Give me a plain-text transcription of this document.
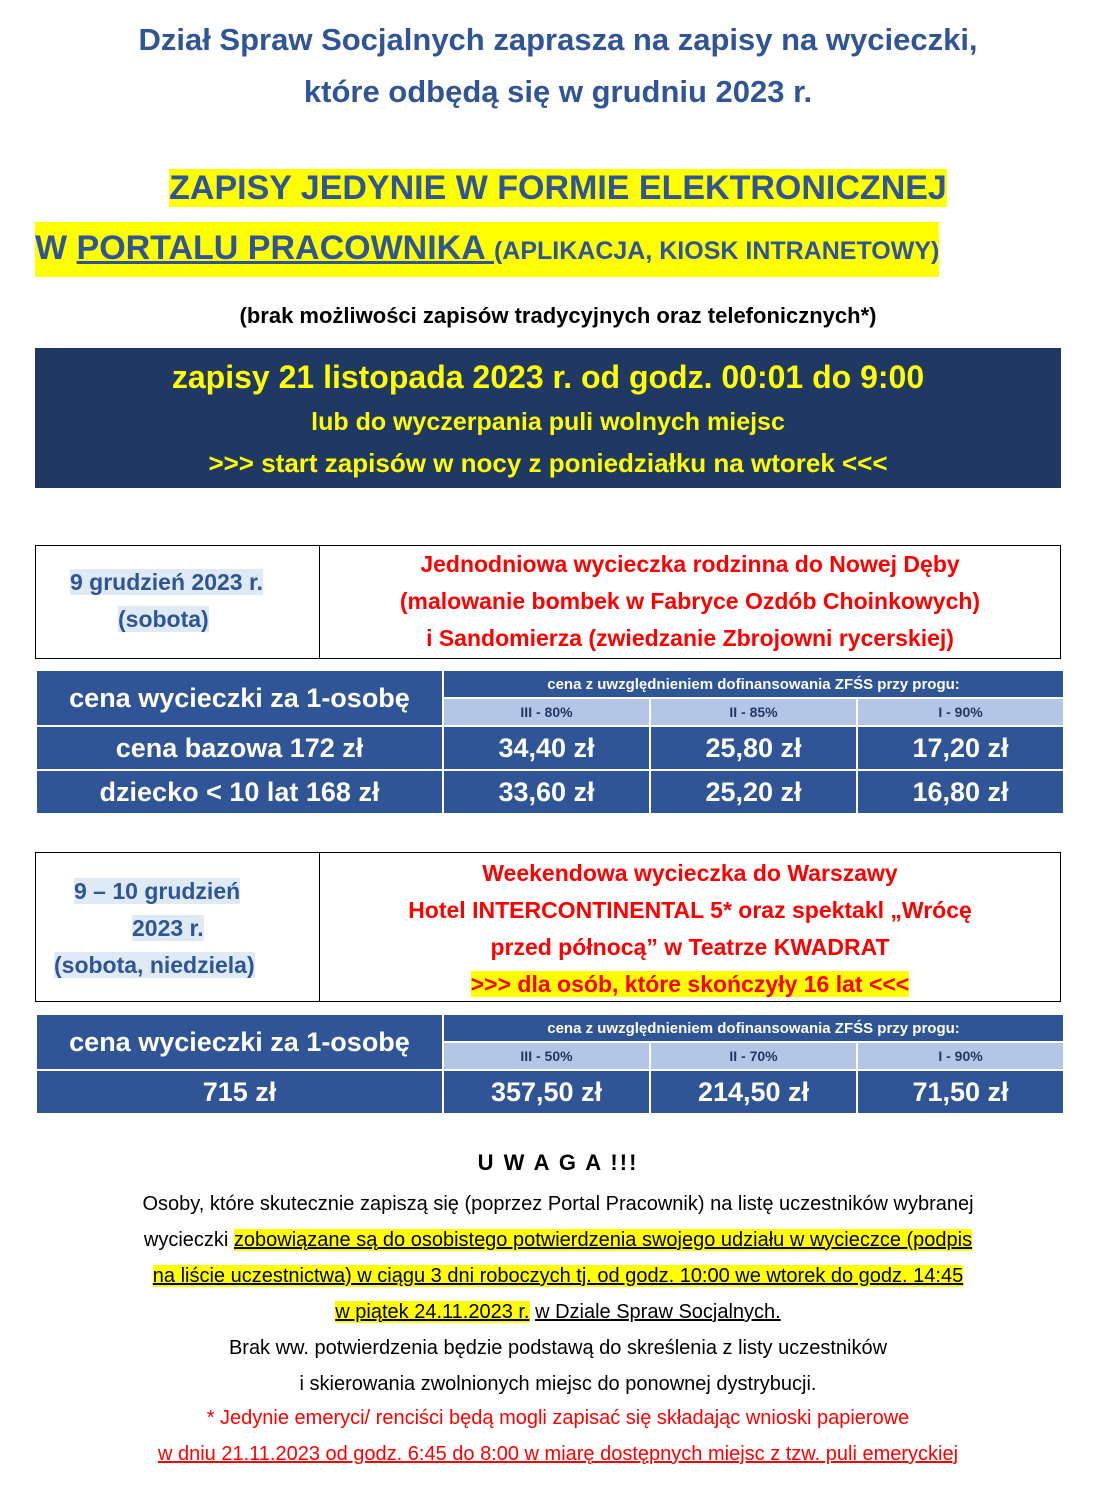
Dział Spraw Socjalnych zaprasza na zapisy na wycieczki,
które odbędą się w grudniu 2023 r.
ZAPISY JEDYNIE W FORMIE ELEKTRONICZNEJ
W PORTALU PRACOWNIKA (APLIKACJA, KIOSK INTRANETOWY)
(brak możliwości zapisów tradycyjnych oraz telefonicznych*)
zapisy 21 listopada 2023 r. od godz. 00:01 do 9:00
lub do wyczerpania puli wolnych miejsc
>>> start zapisów w nocy z poniedziałku na wtorek <<<
9 grudzień 2023 r.
(sobota)
Jednodniowa wycieczka rodzinna do Nowej Dęby
(malowanie bombek w Fabryce Ozdób Choinkowych)
i Sandomierza (zwiedzanie Zbrojowni rycerskiej)
cena wycieczki za 1-osobę	cena z uwzględnieniem dofinansowania ZFŚS przy progu:		
	III - 80%	II - 85%	I - 90%
cena bazowa 172 zł	34,40 zł	25,80 zł	17,20 zł
dziecko < 10 lat 168 zł	33,60 zł	25,20 zł	16,80 zł
9 – 10 grudzień
2023 r.
(sobota, niedziela)
Weekendowa wycieczka do Warszawy
Hotel INTERCONTINENTAL 5* oraz spektakl „Wrócę
przed północą” w Teatrze KWADRAT
>>> dla osób, które skończyły 16 lat <<<
cena wycieczki za 1-osobę	cena z uwzględnieniem dofinansowania ZFŚS przy progu:		
	III - 50%	II - 70%	I - 90%
715 zł	357,50 zł	214,50 zł	71,50 zł
U W A G A !!!
Osoby, które skutecznie zapiszą się (poprzez Portal Pracownik) na listę uczestników wybranej
wycieczki zobowiązane są do osobistego potwierdzenia swojego udziału w wycieczce (podpis
na liście uczestnictwa) w ciągu 3 dni roboczych tj. od godz. 10:00 we wtorek do godz. 14:45
w piątek 24.11.2023 r. w Dziale Spraw Socjalnych.
Brak ww. potwierdzenia będzie podstawą do skreślenia z listy uczestników
i skierowania zwolnionych miejsc do ponownej dystrybucji.
* Jedynie emeryci/ renciści będą mogli zapisać się składając wnioski papierowe
w dniu 21.11.2023 od godz. 6:45 do 8:00 w miarę dostępnych miejsc z tzw. puli emeryckiej
